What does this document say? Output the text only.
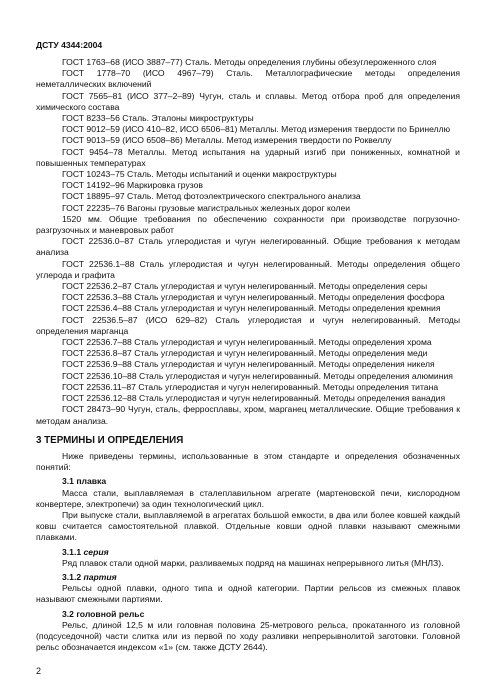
ДСТУ 4344:2004

ГОСТ 1763–68 (ИСО 3887–77) Сталь. Методы определения глубины обезуглероженного слоя

ГОСТ 1778–70 (ИСО 4967–79) Сталь. Металлографические методы определения неметаллических включений

ГОСТ 7565–81 (ИСО 377–2–89) Чугун, сталь и сплавы. Метод отбора проб для определения химического состава

ГОСТ 8233–56 Сталь. Эталоны микроструктуры

ГОСТ 9012–59 (ИСО 410–82, ИСО 6506–81) Металлы. Метод измерения твердости по Бринеллю

ГОСТ 9013–59 (ИСО 6508–86) Металлы. Метод измерения твердости по Роквеллу

ГОСТ 9454–78 Металлы. Метод испытания на ударный изгиб при пониженных, комнатной и повышенных температурах

ГОСТ 10243–75 Сталь. Методы испытаний и оценки макроструктуры

ГОСТ 14192–96 Маркировка грузов

ГОСТ 18895–97 Сталь. Метод фотоэлектрического спектрального анализа

ГОСТ 22235–76 Вагоны грузовые магистральных железных дорог колеи

1520 мм. Общие требования по обеспечению сохранности при производстве погрузочно-разгрузочных и маневровых работ

ГОСТ 22536.0–87 Сталь углеродистая и чугун нелегированный. Общие требования к методам анализа

ГОСТ 22536.1–88 Сталь углеродистая и чугун нелегированный. Методы определения общего углерода и графита

ГОСТ 22536.2–87 Сталь углеродистая и чугун нелегированный. Методы определения серы

ГОСТ 22536.3–88 Сталь углеродистая и чугун нелегированный. Методы определения фосфора

ГОСТ 22536.4–88 Сталь углеродистая и чугун нелегированный. Методы определения кремния

ГОСТ 22536.5–87 (ИСО 629–82) Сталь углеродистая и чугун нелегированный. Методы определения марганца

ГОСТ 22536.7–88 Сталь углеродистая и чугун нелегированный. Методы определения хрома

ГОСТ 22536.8–87 Сталь углеродистая и чугун нелегированный. Методы определения меди

ГОСТ 22536.9–88 Сталь углеродистая и чугун нелегированный. Методы определения никеля

ГОСТ 22536.10–88 Сталь углеродистая и чугун нелегированный. Методы определения алюминия

ГОСТ 22536.11–87 Сталь углеродистая и чугун нелегированный. Методы определения титана

ГОСТ 22536.12–88 Сталь углеродистая и чугун нелегированный. Методы определения ванадия

ГОСТ 28473–90 Чугун, сталь, ферросплавы, хром, марганец металлические. Общие требования к методам анализа.

3 ТЕРМИНЫ И ОПРЕДЕЛЕНИЯ

Ниже приведены термины, использованные в этом стандарте и определения обозначенных понятий:

3.1 плавка

Масса стали, выплавляемая в сталеплавильном агрегате (мартеновской печи, кислородном конвертере, электропечи) за один технологический цикл.

При выпуске стали, выплавляемой в агрегатах большой емкости, в два или более ковшей каждый ковш считается самостоятельной плавкой. Отдельные ковши одной плавки называют смежными плавками.

3.1.1 серия

Ряд плавок стали одной марки, разливаемых подряд на машинах непрерывного литья (МНЛЗ).

3.1.2 партия

Рельсы одной плавки, одного типа и одной категории. Партии рельсов из смежных плавок называют смежными партиями.

3.2 головной рельс

Рельс, длиной 12,5 м или головная половина 25-метрового рельса, прокатанного из головной (подсуседочной) части слитка или из первой по ходу разливки непрерывнолитой заготовки. Головной рельс обозначается индексом «1» (см. также ДСТУ 2644).

2
